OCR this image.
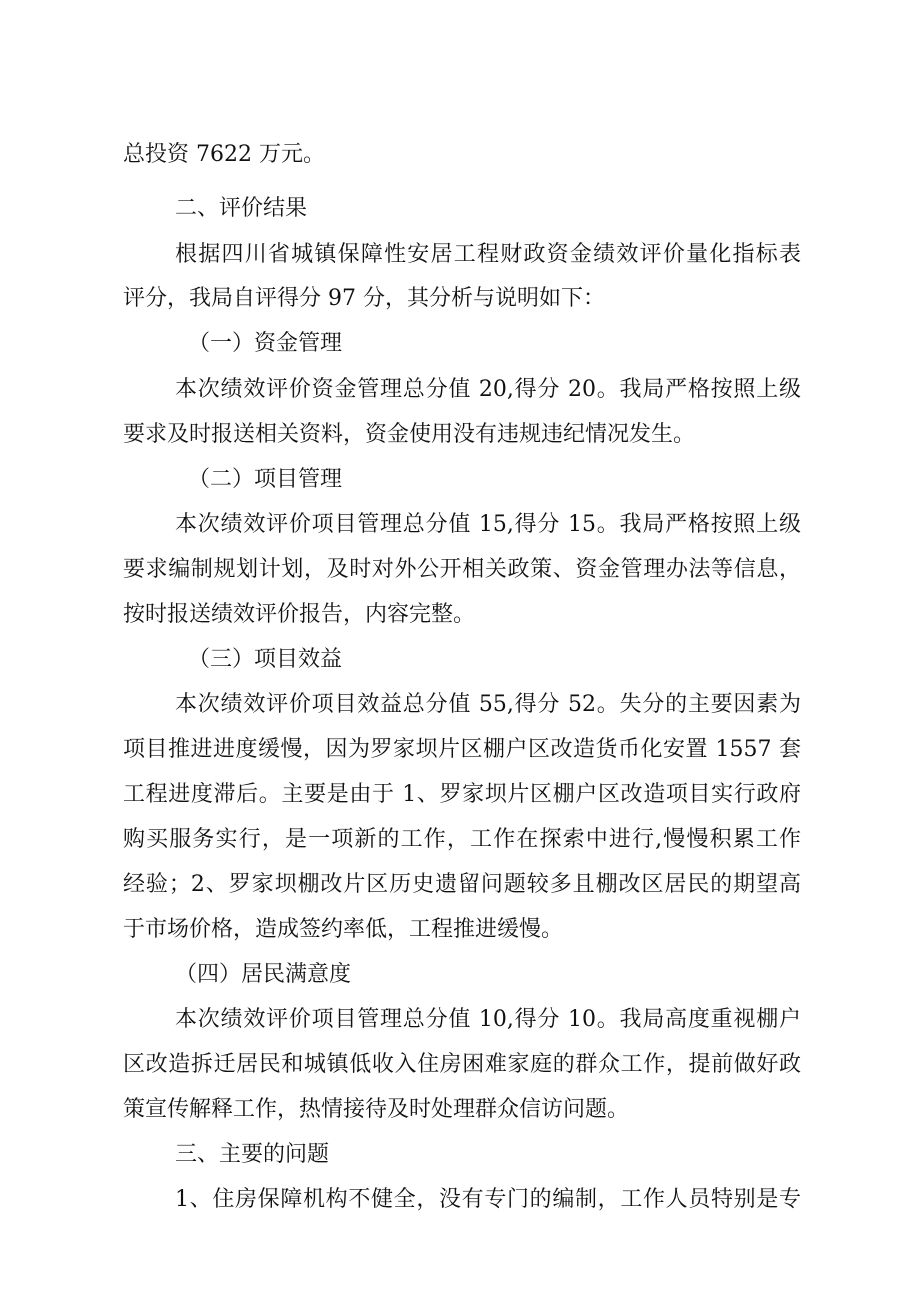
总投资 7622 万元。
二、评价结果
根据四川省城镇保障性安居工程财政资金绩效评价量化指标表
评分，我局自评得分 97 分，其分析与说明如下：
（一）资金管理
本次绩效评价资金管理总分值 20,得分 20。我局严格按照上级
要求及时报送相关资料，资金使用没有违规违纪情况发生。
（二）项目管理
本次绩效评价项目管理总分值 15,得分 15。我局严格按照上级
要求编制规划计划，及时对外公开相关政策、资金管理办法等信息，
按时报送绩效评价报告，内容完整。
（三）项目效益
本次绩效评价项目效益总分值 55,得分 52。失分的主要因素为
项目推进进度缓慢，因为罗家坝片区棚户区改造货币化安置 1557 套
工程进度滞后。主要是由于 1、罗家坝片区棚户区改造项目实行政府
购买服务实行，是一项新的工作，工作在探索中进行,慢慢积累工作
经验；2、罗家坝棚改片区历史遗留问题较多且棚改区居民的期望高
于市场价格，造成签约率低，工程推进缓慢。
（四）居民满意度
本次绩效评价项目管理总分值 10,得分 10。我局高度重视棚户
区改造拆迁居民和城镇低收入住房困难家庭的群众工作，提前做好政
策宣传解释工作，热情接待及时处理群众信访问题。
三、主要的问题
1、住房保障机构不健全，没有专门的编制，工作人员特别是专
